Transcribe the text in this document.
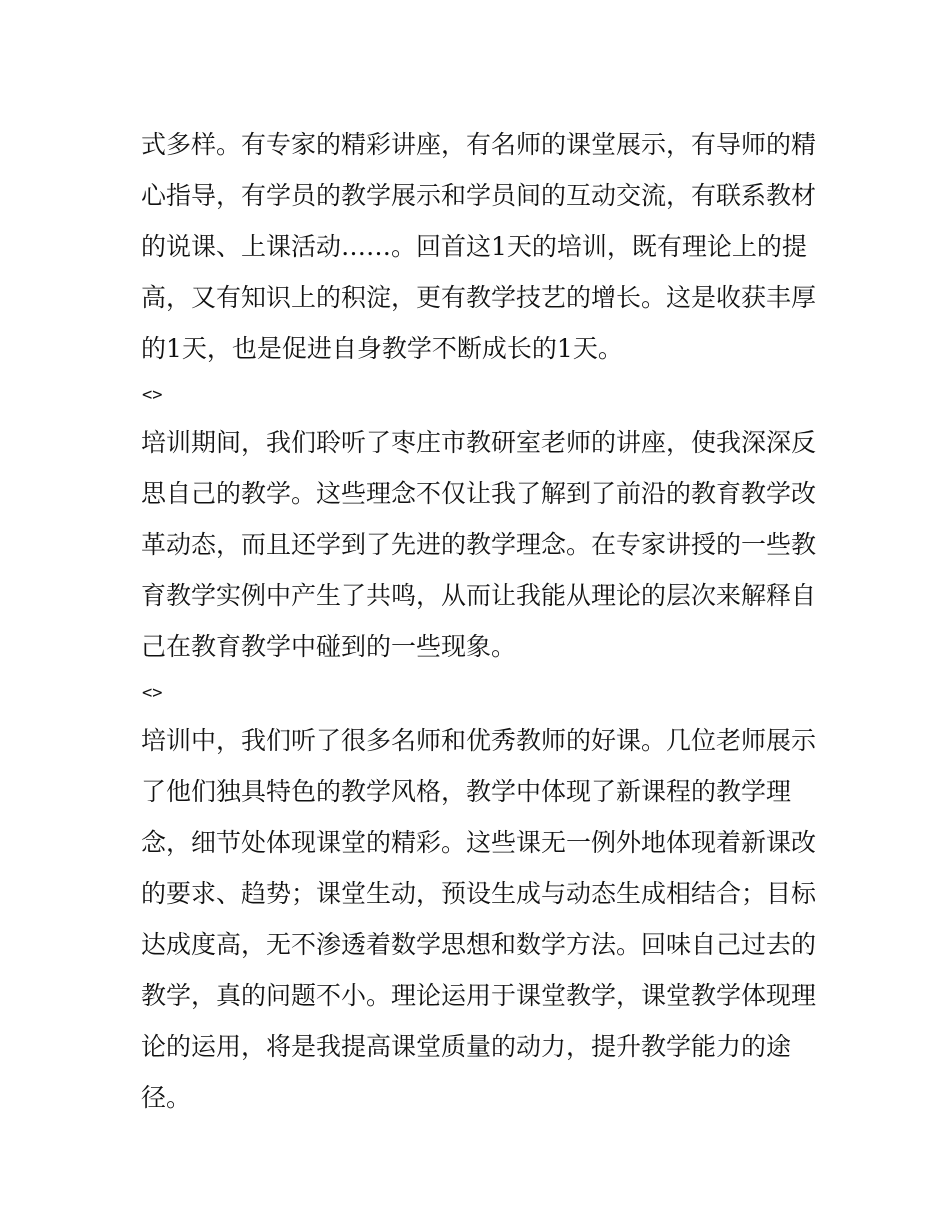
式多样。有专家的精彩讲座，有名师的课堂展示，有导师的精
心指导，有学员的教学展示和学员间的互动交流，有联系教材
的说课、上课活动……。回首这1天的培训，既有理论上的提
高，又有知识上的积淀，更有教学技艺的增长。这是收获丰厚
的1天，也是促进自身教学不断成长的1天。
<>
培训期间，我们聆听了枣庄市教研室老师的讲座，使我深深反
思自己的教学。这些理念不仅让我了解到了前沿的教育教学改
革动态，而且还学到了先进的教学理念。在专家讲授的一些教
育教学实例中产生了共鸣，从而让我能从理论的层次来解释自
己在教育教学中碰到的一些现象。
<>
培训中，我们听了很多名师和优秀教师的好课。几位老师展示
了他们独具特色的教学风格，教学中体现了新课程的教学理
念，细节处体现课堂的精彩。这些课无一例外地体现着新课改
的要求、趋势；课堂生动，预设生成与动态生成相结合；目标
达成度高，无不渗透着数学思想和数学方法。回味自己过去的
教学，真的问题不小。理论运用于课堂教学，课堂教学体现理
论的运用，将是我提高课堂质量的动力，提升教学能力的途
径。
